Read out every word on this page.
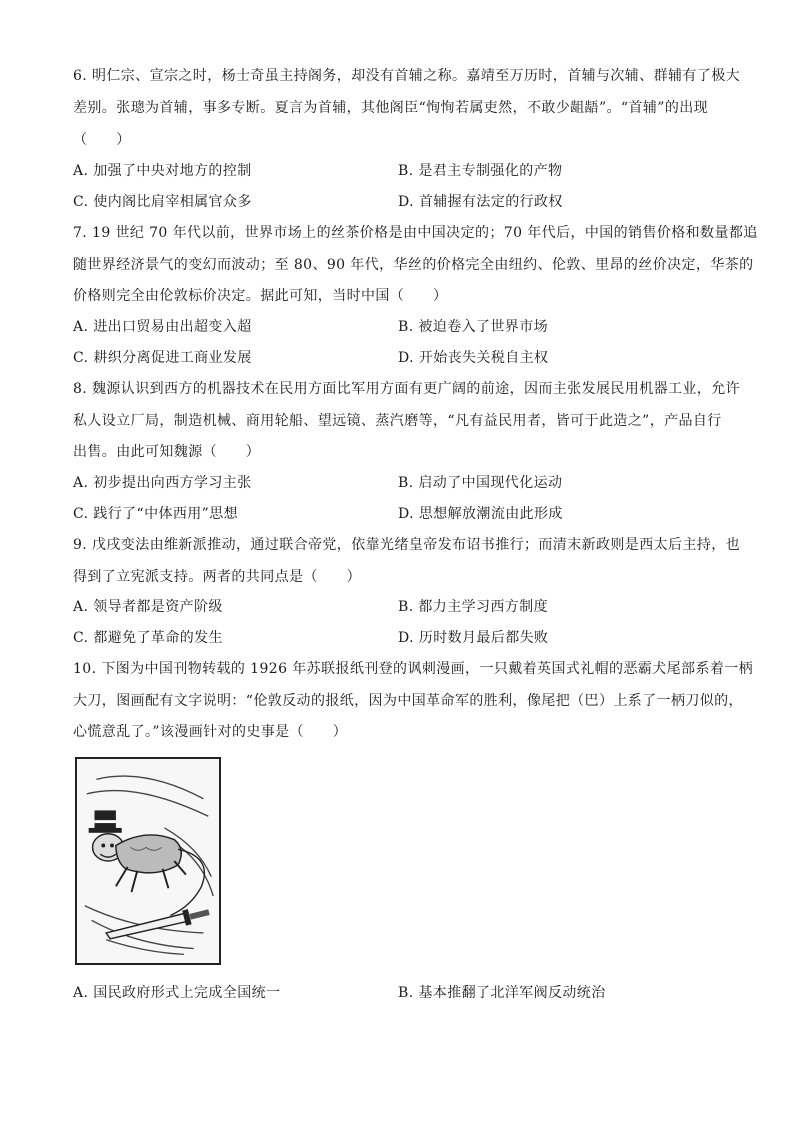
6. 明仁宗、宣宗之时，杨士奇虽主持阁务，却没有首辅之称。嘉靖至万历时，首辅与次辅、群辅有了极大
差别。张璁为首辅，事多专断。夏言为首辅，其他阁臣“恂恂若属吏然，不敢少龃龉”。“首辅”的出现
（　　）
A. 加强了中央对地方的控制	B. 是君主专制强化的产物
C. 使内阁比肩宰相属官众多	D. 首辅握有法定的行政权
7. 19 世纪 70 年代以前，世界市场上的丝茶价格是由中国决定的；70 年代后，中国的销售价格和数量都追
随世界经济景气的变幻而波动；至 80、90 年代，华丝的价格完全由纽约、伦敦、里昂的丝价决定，华茶的
价格则完全由伦敦标价决定。据此可知，当时中国（　　）
A. 进出口贸易由出超变入超	B. 被迫卷入了世界市场
C. 耕织分离促进工商业发展	D. 开始丧失关税自主权
8. 魏源认识到西方的机器技术在民用方面比军用方面有更广阔的前途，因而主张发展民用机器工业，允许
私人设立厂局，制造机械、商用轮船、望远镜、蒸汽磨等，“凡有益民用者，皆可于此造之”，产品自行
出售。由此可知魏源（　　）
A. 初步提出向西方学习主张	B. 启动了中国现代化运动
C. 践行了“中体西用”思想	D. 思想解放潮流由此形成
9. 戊戌变法由维新派推动，通过联合帝党，依靠光绪皇帝发布诏书推行；而清末新政则是西太后主持，也
得到了立宪派支持。两者的共同点是（　　）
A. 领导者都是资产阶级	B. 都力主学习西方制度
C. 都避免了革命的发生	D. 历时数月最后都失败
10. 下图为中国刊物转载的 1926 年苏联报纸刊登的讽刺漫画，一只戴着英国式礼帽的恶霸犬尾部系着一柄
大刀，图画配有文字说明：“伦敦反动的报纸，因为中国革命军的胜利，像尾把（巴）上系了一柄刀似的，
心慌意乱了。”该漫画针对的史事是（　　）
A. 国民政府形式上完成全国统一	B. 基本推翻了北洋军阀反动统治
